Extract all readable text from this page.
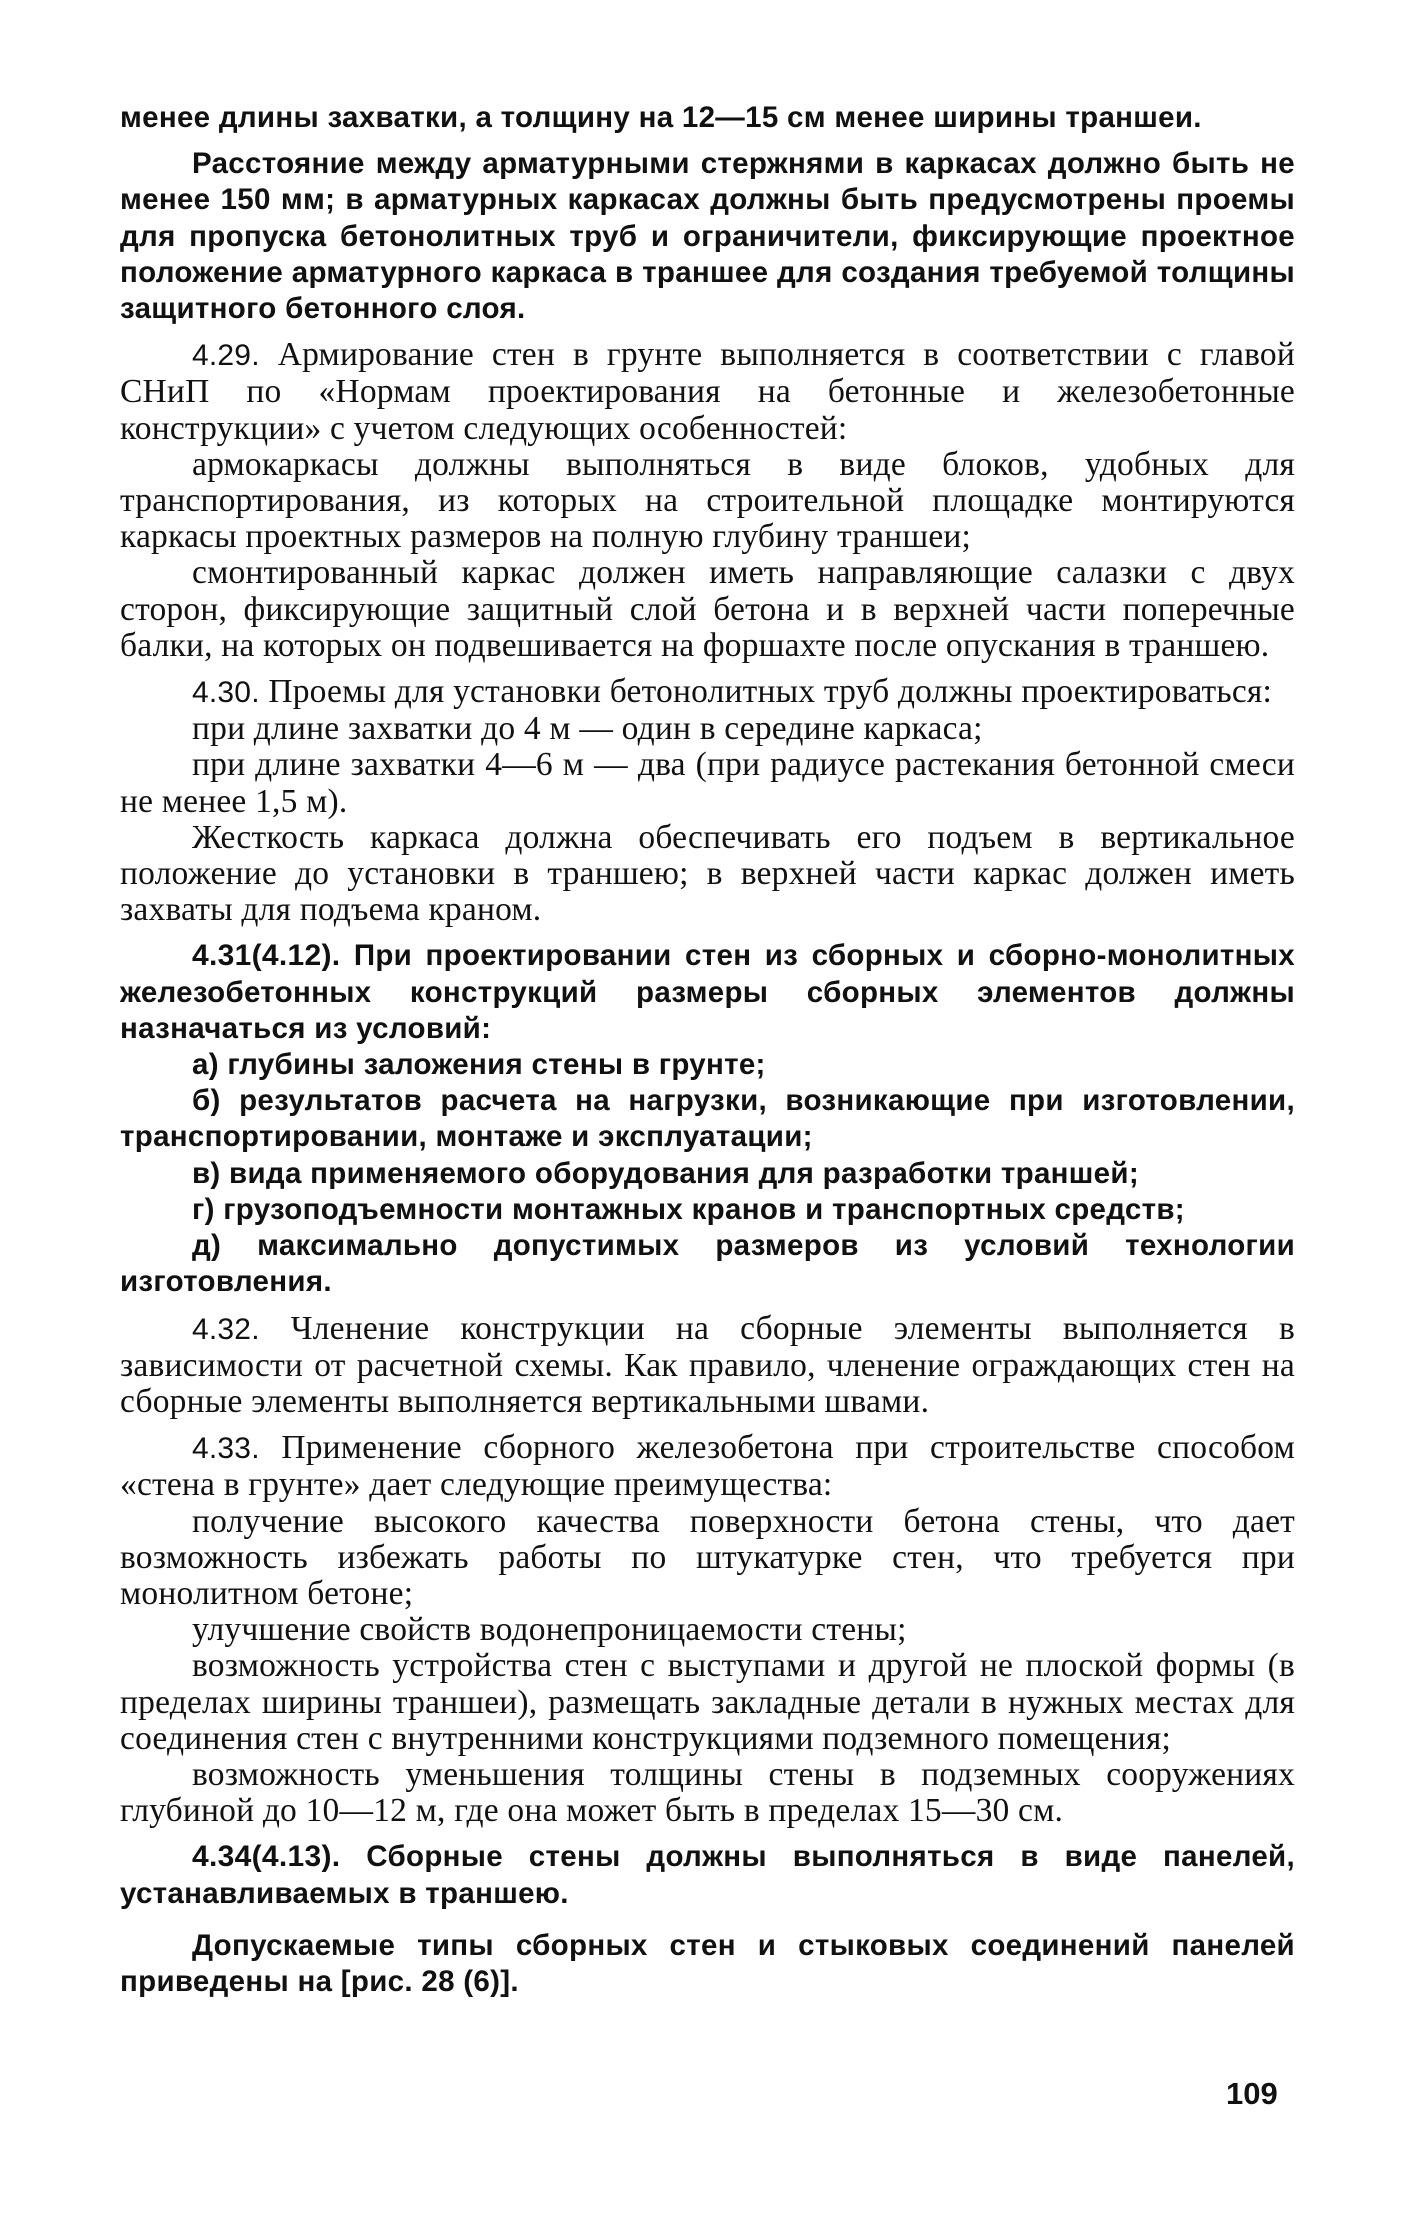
менее длины захватки, а толщину на 12—15 см менее ширины траншеи.

Расстояние между арматурными стержнями в каркасах должно быть не менее 150 мм; в арматурных каркасах должны быть предусмотрены проемы для пропуска бетонолитных труб и ограничители, фиксирующие проектное положение арматурного каркаса в траншее для создания требуемой толщины защитного бетонного слоя.

4.29. Армирование стен в грунте выполняется в соответствии с главой СНиП по «Нормам проектирования на бетонные и железобетонные конструкции» с учетом следующих особенностей:

армокаркасы должны выполняться в виде блоков, удобных для транспортирования, из которых на строительной площадке монтируются каркасы проектных размеров на полную глубину траншеи;

смонтированный каркас должен иметь направляющие салазки с двух сторон, фиксирующие защитный слой бетона и в верхней части поперечные балки, на которых он подвешивается на форшахте после опускания в траншею.

4.30. Проемы для установки бетонолитных труб должны проектироваться:

при длине захватки до 4 м — один в середине каркаса;

при длине захватки 4—6 м — два (при радиусе растекания бетонной смеси не менее 1,5 м).

Жесткость каркаса должна обеспечивать его подъем в вертикальное положение до установки в траншею; в верхней части каркас должен иметь захваты для подъема краном.

4.31(4.12). При проектировании стен из сборных и сборно-монолитных железобетонных конструкций размеры сборных элементов должны назначаться из условий:

а) глубины заложения стены в грунте;

б) результатов расчета на нагрузки, возникающие при изготовлении, транспортировании, монтаже и эксплуатации;

в) вида применяемого оборудования для разработки траншей;

г) грузоподъемности монтажных кранов и транспортных средств;

д) максимально допустимых размеров из условий технологии изготовления.

4.32. Членение конструкции на сборные элементы выполняется в зависимости от расчетной схемы. Как правило, членение ограждающих стен на сборные элементы выполняется вертикальными швами.

4.33. Применение сборного железобетона при строительстве способом «стена в грунте» дает следующие преимущества:

получение высокого качества поверхности бетона стены, что дает возможность избежать работы по штукатурке стен, что требуется при монолитном бетоне;

улучшение свойств водонепроницаемости стены;

возможность устройства стен с выступами и другой не плоской формы (в пределах ширины траншеи), размещать закладные детали в нужных местах для соединения стен с внутренними конструкциями подземного помещения;

возможность уменьшения толщины стены в подземных сооружениях глубиной до 10—12 м, где она может быть в пределах 15—30 см.

4.34(4.13). Сборные стены должны выполняться в виде панелей, устанавливаемых в траншею.

Допускаемые типы сборных стен и стыковых соединений панелей приведены на [рис. 28 (6)].

109
